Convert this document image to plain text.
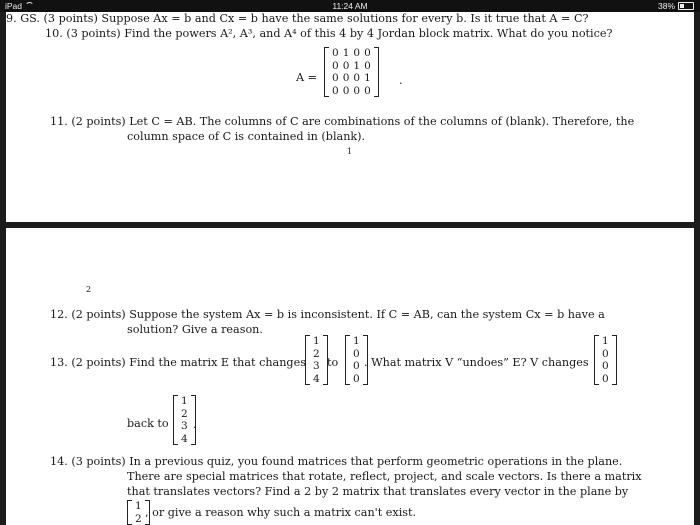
iPad	11:24 AM	38%
9. GS. (3 points) Suppose Ax = b and Cx = b have the same solutions for every b. Is it true that A = C?
10. (3 points) Find the powers A², A³, and A⁴ of this 4 by 4 Jordan block matrix. What do you notice?
A =
0 1 0 0
0 0 1 0
0 0 0 1
0 0 0 0
.
11. (2 points) Let C = AB. The columns of C are combinations of the columns of (blank). Therefore, the
column space of C is contained in (blank).
1
2
12. (2 points) Suppose the system Ax = b is inconsistent. If C = AB, can the system Cx = b have a
solution? Give a reason.
13. (2 points) Find the matrix E that changes
1
2
3
4
to
1
0
0
0
. What matrix V “undoes” E? V changes
1
0
0
0
back to
1
2
3
4
.
14. (3 points) In a previous quiz, you found matrices that perform geometric operations in the plane.
There are special matrices that rotate, reflect, project, and scale vectors. Is there a matrix
that translates vectors? Find a 2 by 2 matrix that translates every vector in the plane by
1
2 , or give a reason why such a matrix can't exist.
